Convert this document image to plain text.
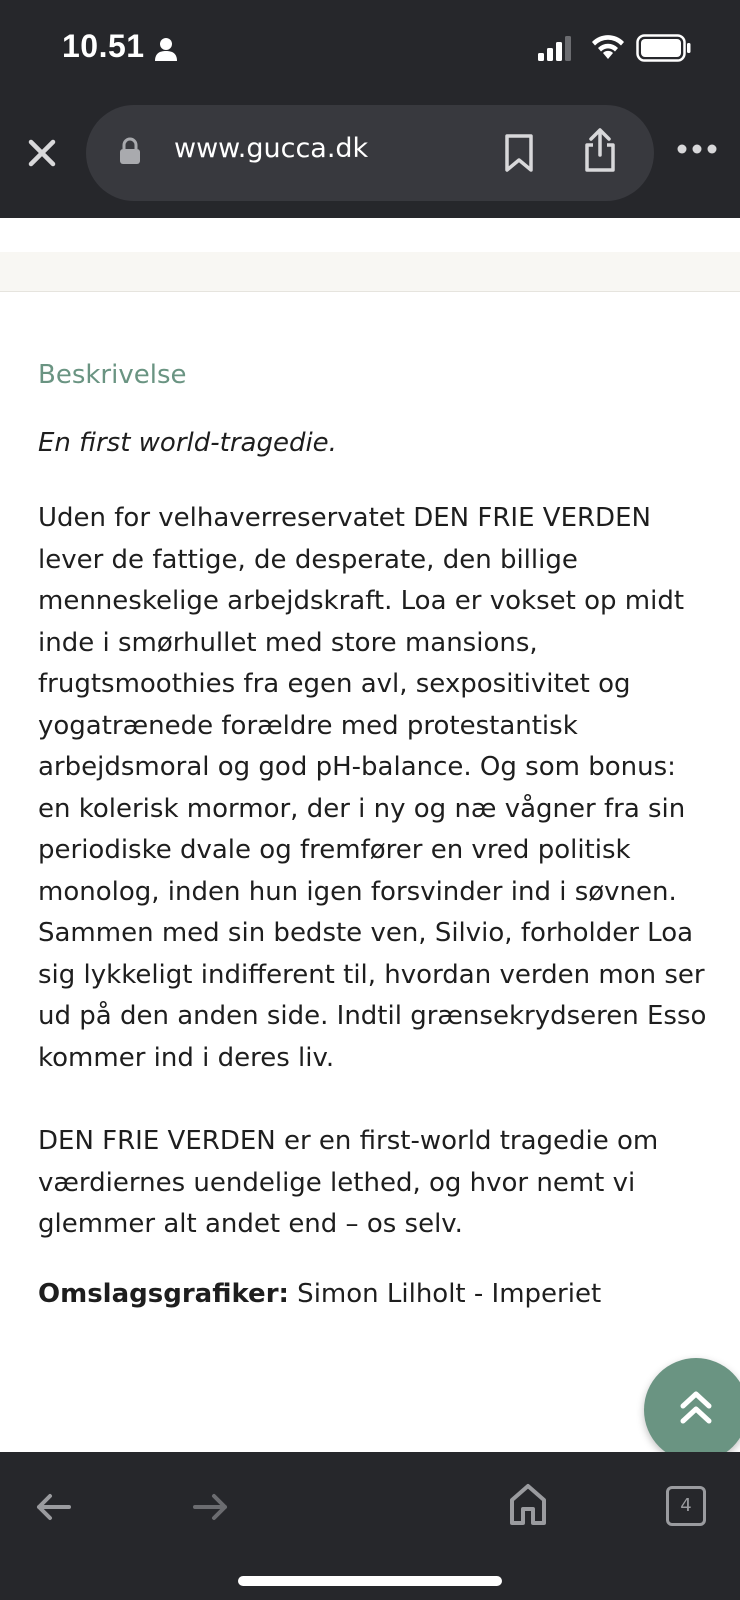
10.51
www.gucca.dk
Beskrivelse

En first world-tragedie.

Uden for velhaverreservatet DEN FRIE VERDEN lever de fattige, de desperate, den billige menneskelige arbejdskraft. Loa er vokset op midt inde i smørhullet med store mansions, frugtsmoothies fra egen avl, sexpositivitet og yogatrænede forældre med protestantisk arbejdsmoral og god pH-balance. Og som bonus: en kolerisk mormor, der i ny og næ vågner fra sin periodiske dvale og fremfører en vred politisk monolog, inden hun igen forsvinder ind i søvnen. Sammen med sin bedste ven, Silvio, forholder Loa sig lykkeligt indifferent til, hvordan verden mon ser ud på den anden side. Indtil grænsekrydseren Esso kommer ind i deres liv.

DEN FRIE VERDEN er en first-world tragedie om værdiernes uendelige lethed, og hvor nemt vi glemmer alt andet end – os selv.

Omslagsgrafiker: Simon Lilholt - Imperiet

4
